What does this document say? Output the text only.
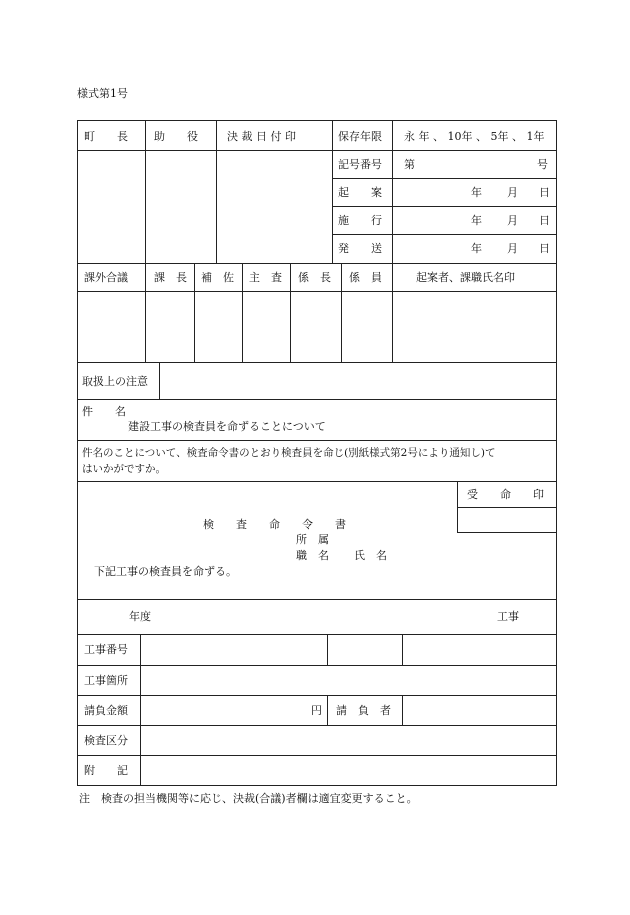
様式第1号
町　　長 助　　役	決 裁 日 付 印	保存年限 永 年 、 10年 、 5年 、 1年
記号番号 第	号
起　　案	年 月 日
施　　行	年 月 日
発　　送	年 月 日
課外合議 課　長 補　佐 主　査 係　長 係　員	起案者、課職氏名印
取扱上の注意
件　　名
建設工事の検査員を命ずることについて
件名のことについて、検査命令書のとおり検査員を命じ(別紙様式第2号により通知し)て
はいかがですか。
受　　命　　印
検　　査　　命　　令　　書
所　属
職　名 氏　名
下記工事の検査員を命ずる。
年度	工事
工事番号
工事箇所
請負金額	円 請　負　者
検査区分
附　　記
注　検査の担当機関等に応じ、決裁(合議)者欄は適宜変更すること。
